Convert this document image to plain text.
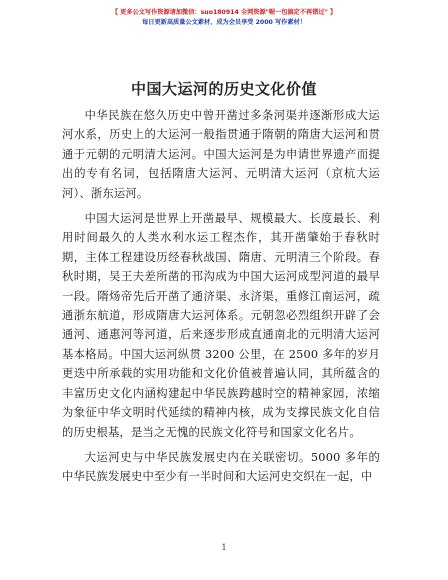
【 更多公文写作资源请加微信：suo180914 全网资源"喔一包搞定不再错过" 】
每日更新高质量公文素材，成为会员享受 2000 写作素材！
中国大运河的历史文化价值

中华民族在悠久历史中曾开凿过多条河渠并逐渐形成大运河水系，历史上的大运河一般指贯通于隋朝的隋唐大运河和贯通于元朝的元明清大运河。中国大运河是为申请世界遗产而提出的专有名词，包括隋唐大运河、元明清大运河（京杭大运河）、浙东运河。

中国大运河是世界上开凿最早、规模最大、长度最长、利用时间最久的人类水利水运工程杰作，其开凿肇始于春秋时期，主体工程建设历经春秋战国、隋唐、元明清三个阶段。春秋时期，吴王夫差所凿的邗沟成为中国大运河成型河道的最早一段。隋炀帝先后开凿了通济渠、永济渠，重修江南运河，疏通浙东航道，形成隋唐大运河体系。元朝忽必烈组织开辟了会通河、通惠河等河道，后来逐步形成直通南北的元明清大运河基本格局。中国大运河纵贯 3200 公里，在 2500 多年的岁月更迭中所承载的实用功能和文化价值被普遍认同，其所蕴含的丰富历史文化内涵构建起中华民族跨越时空的精神家园，浓缩为象征中华文明时代延续的精神内核，成为支撑民族文化自信的历史根基，是当之无愧的民族文化符号和国家文化名片。

大运河史与中华民族发展史内在关联密切。5000 多年的中华民族发展史中至少有一半时间和大运河史交织在一起，中

1
